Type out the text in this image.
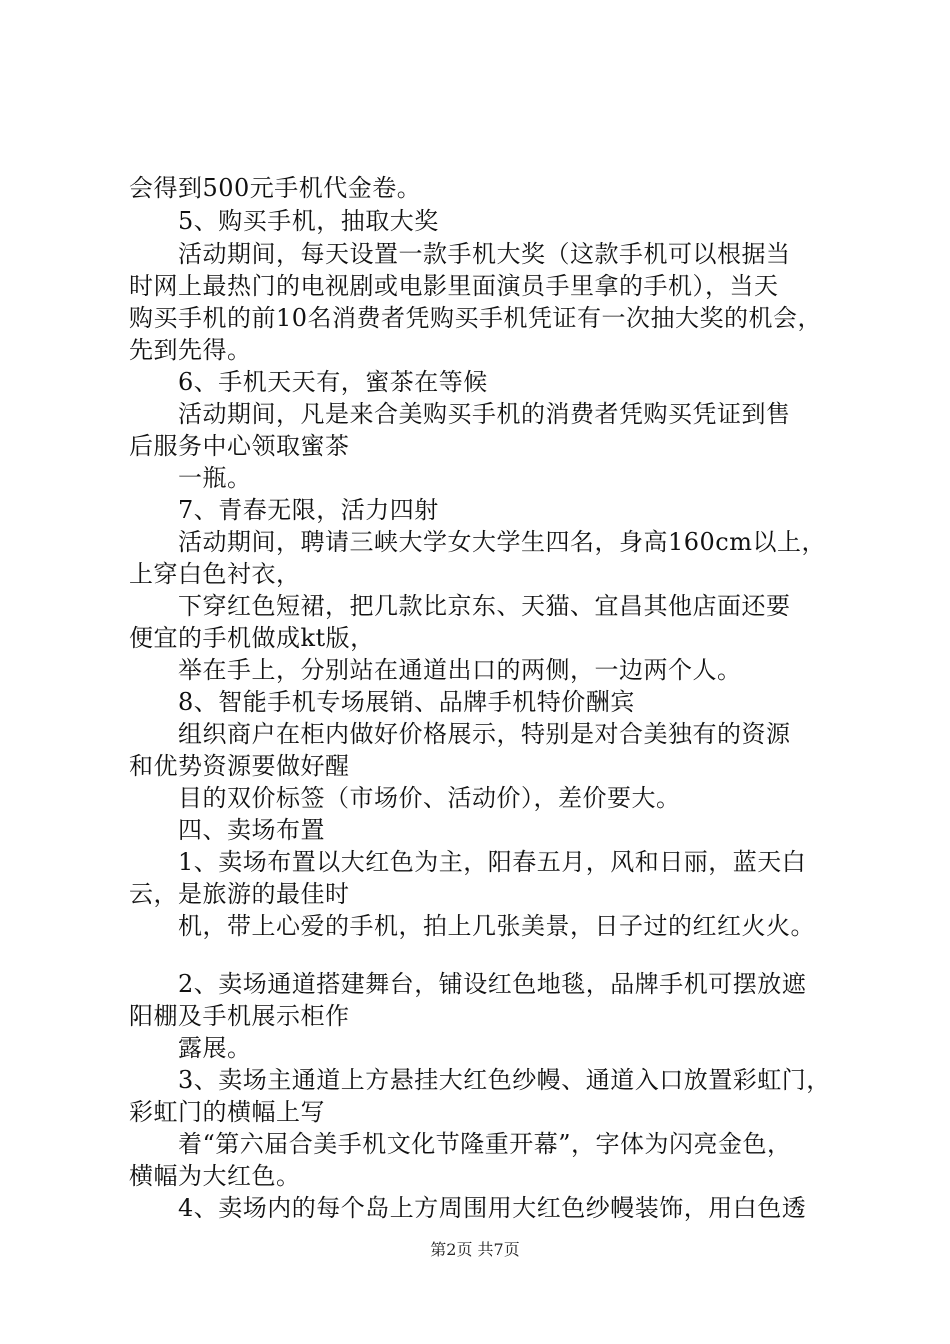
会得到500元手机代金卷。
5、购买手机，抽取大奖
活动期间，每天设置一款手机大奖（这款手机可以根据当
时网上最热门的电视剧或电影里面演员手里拿的手机），当天
购买手机的前10名消费者凭购买手机凭证有一次抽大奖的机会，
先到先得。
6、手机天天有，蜜茶在等候
活动期间，凡是来合美购买手机的消费者凭购买凭证到售
后服务中心领取蜜茶
一瓶。
7、青春无限，活力四射
活动期间，聘请三峡大学女大学生四名，身高160cm以上，
上穿白色衬衣，
下穿红色短裙，把几款比京东、天猫、宜昌其他店面还要
便宜的手机做成kt版，
举在手上，分别站在通道出口的两侧，一边两个人。
8、智能手机专场展销、品牌手机特价酬宾
组织商户在柜内做好价格展示，特别是对合美独有的资源
和优势资源要做好醒
目的双价标签（市场价、活动价），差价要大。
四、卖场布置
1、卖场布置以大红色为主，阳春五月，风和日丽，蓝天白
云，是旅游的最佳时
机，带上心爱的手机，拍上几张美景，日子过的红红火火。
2、卖场通道搭建舞台，铺设红色地毯，品牌手机可摆放遮
阳棚及手机展示柜作
露展。
3、卖场主通道上方悬挂大红色纱幔、通道入口放置彩虹门，
彩虹门的横幅上写
着“第六届合美手机文化节隆重开幕”，字体为闪亮金色，
横幅为大红色。
4、卖场内的每个岛上方周围用大红色纱幔装饰，用白色透
第2页 共7页
